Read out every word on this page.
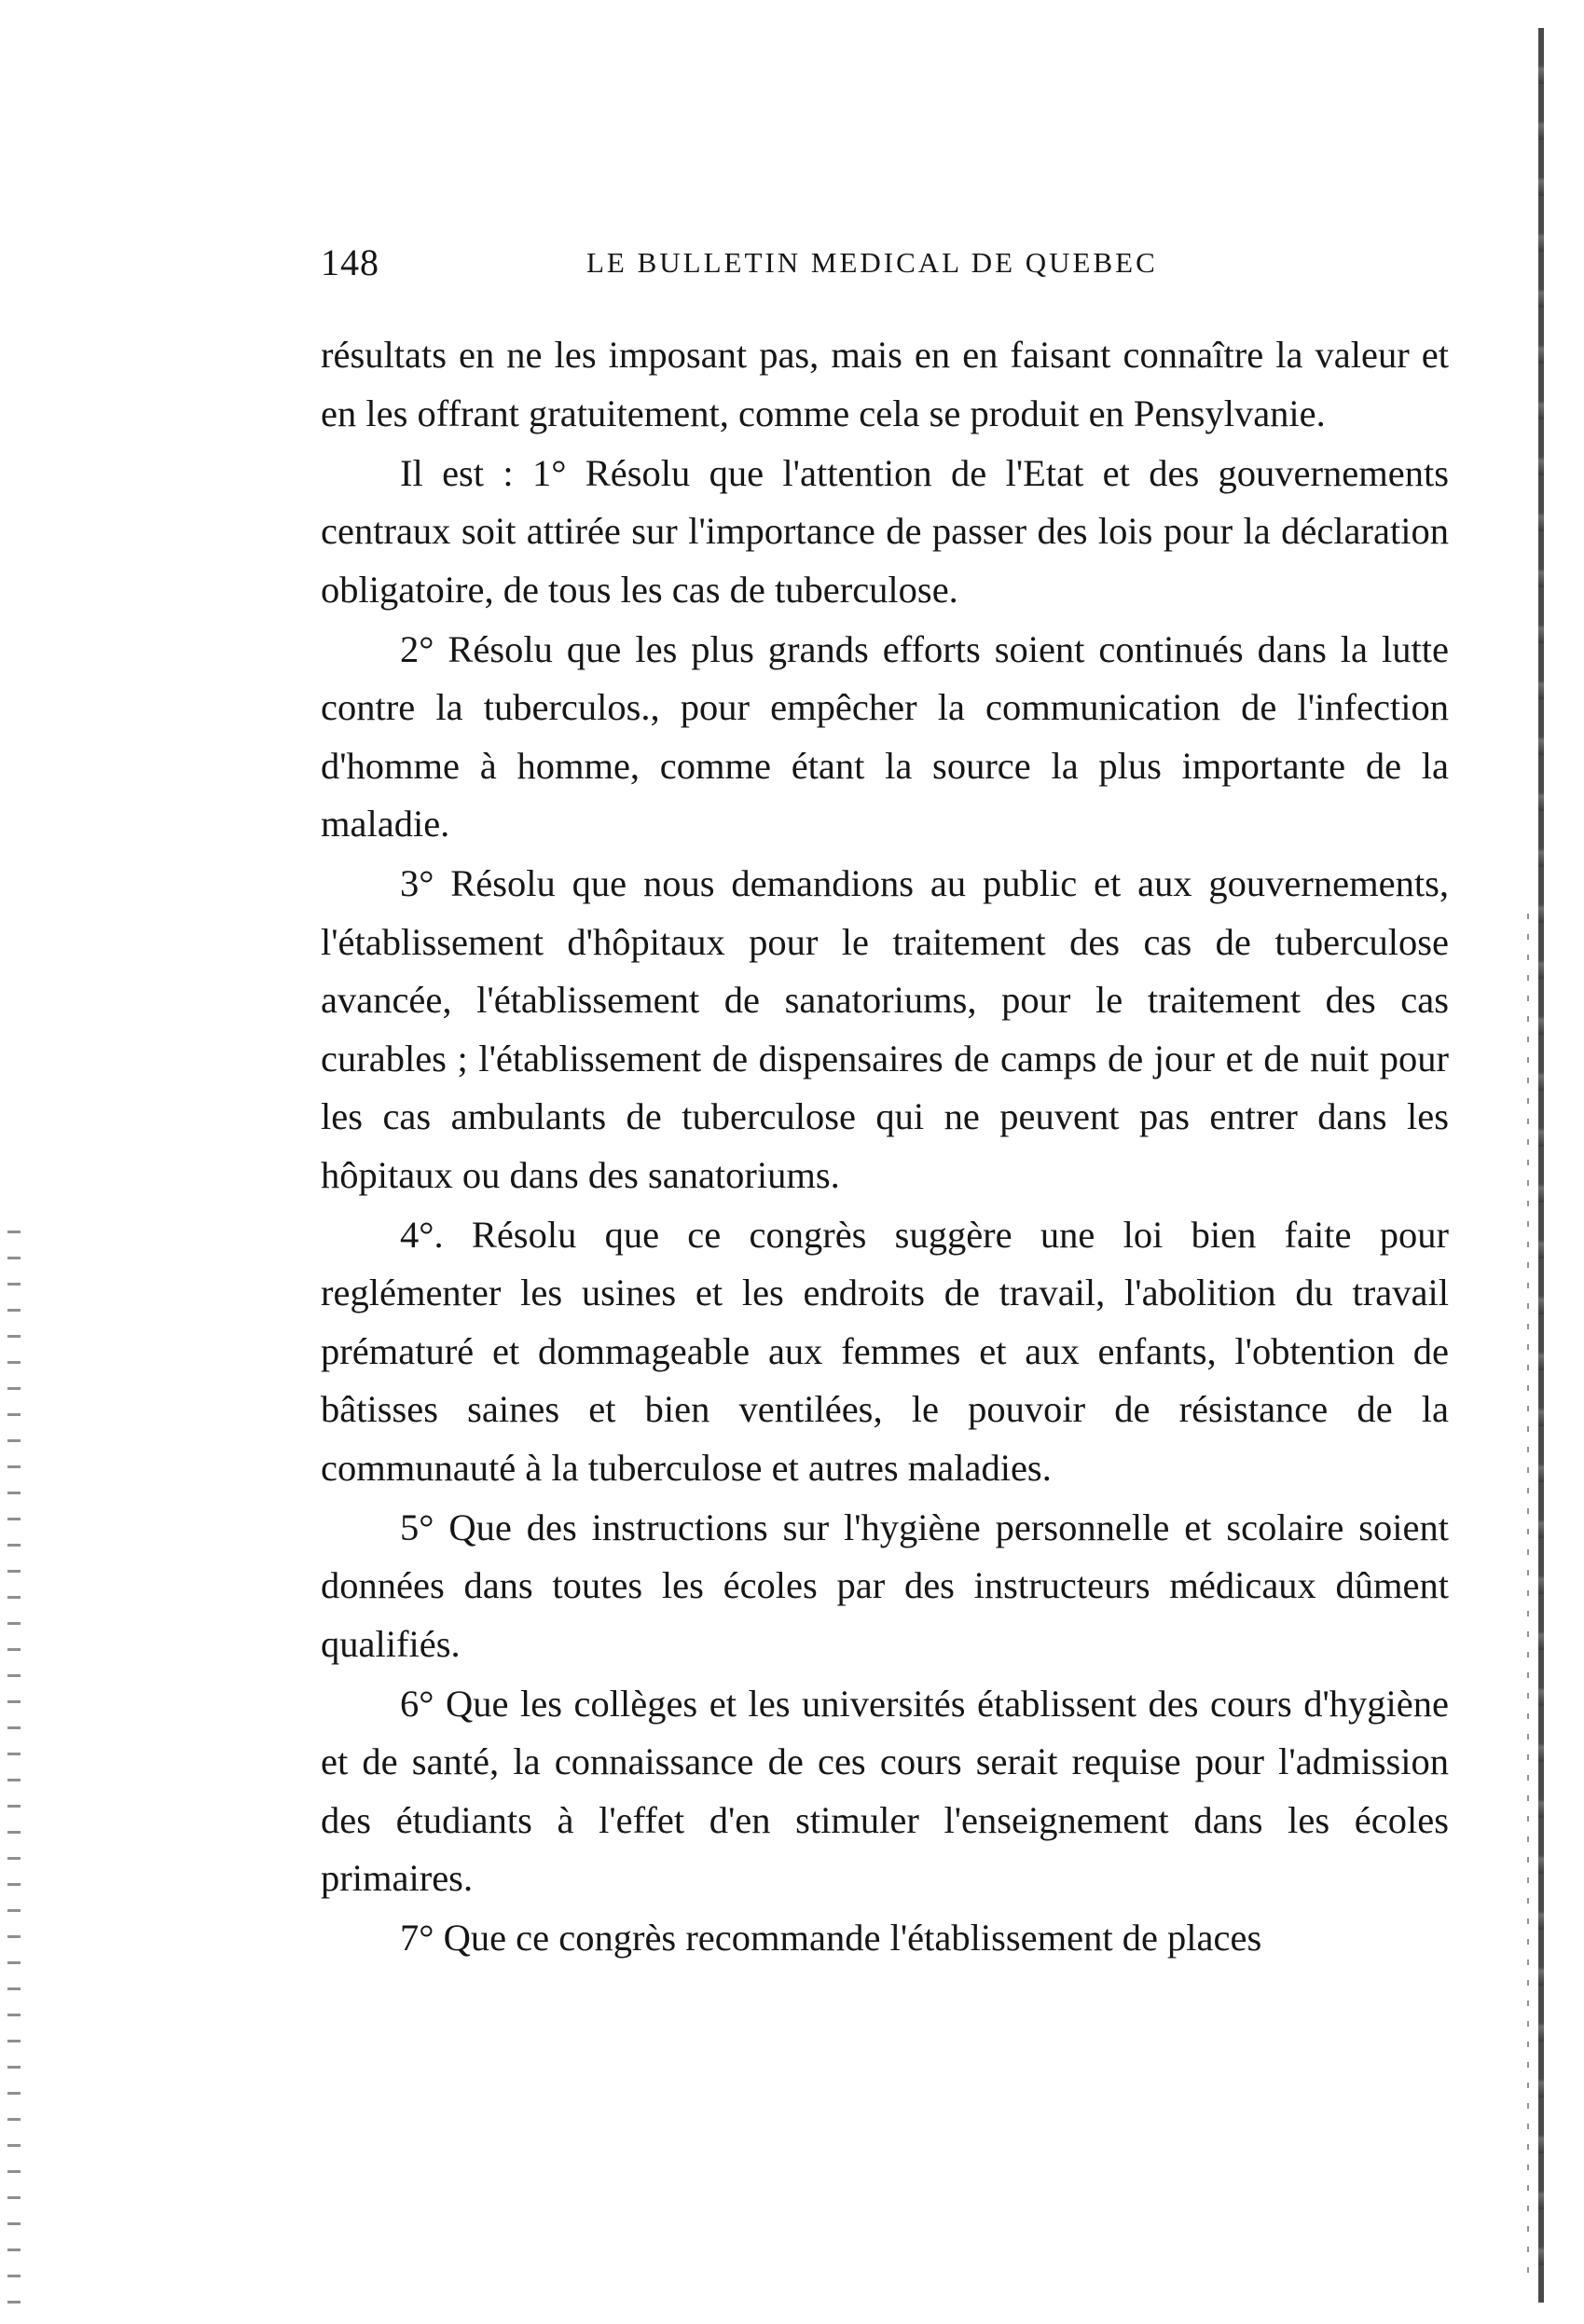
148	LE BULLETIN MEDICAL DE QUEBEC

résultats en ne les imposant pas, mais en en faisant connaître la valeur et en les offrant gratuitement, comme cela se produit en Pensylvanie.

Il est : 1° Résolu que l'attention de l'Etat et des gouvernements centraux soit attirée sur l'importance de passer des lois pour la déclaration obligatoire, de tous les cas de tuberculose.

2° Résolu que les plus grands efforts soient continués dans la lutte contre la tuberculos., pour empêcher la communication de l'infection d'homme à homme, comme étant la source la plus importante de la maladie.

3° Résolu que nous demandions au public et aux gouvernements, l'établissement d'hôpitaux pour le traitement des cas de tuberculose avancée, l'établissement de sanatoriums, pour le traitement des cas curables ; l'établissement de dispensaires de camps de jour et de nuit pour les cas ambulants de tuberculose qui ne peuvent pas entrer dans les hôpitaux ou dans des sanatoriums.

4°. Résolu que ce congrès suggère une loi bien faite pour reglémenter les usines et les endroits de travail, l'abolition du travail prématuré et dommageable aux femmes et aux enfants, l'obtention de bâtisses saines et bien ventilées, le pouvoir de résistance de la communauté à la tuberculose et autres maladies.

5° Que des instructions sur l'hygiène personnelle et scolaire soient données dans toutes les écoles par des instructeurs médicaux dûment qualifiés.

6° Que les collèges et les universités établissent des cours d'hygiène et de santé, la connaissance de ces cours serait requise pour l'admission des étudiants à l'effet d'en stimuler l'enseignement dans les écoles primaires.

7° Que ce congrès recommande l'établissement de places
